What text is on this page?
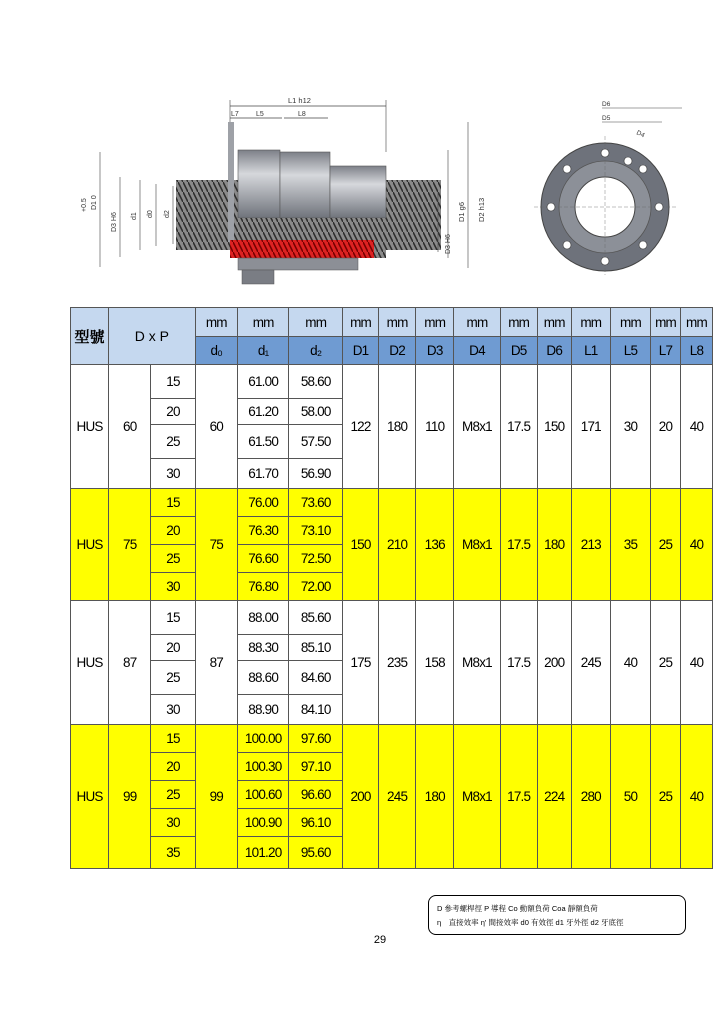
L1 h12
L7 L5	L8
+0.5 D1 0
D3 H6 d1 d0 d2	D1 g6
D3 H6
D2 h13
D6
D5
D4
型號	D x P		mm	mm	mm	mm	mm	mm	mm	mm	mm	mm	mm	mm	mm
			d₀	d₁	d₂	D1	D2	D3	D4	D5	D6	L1	L5	L7	L8
HUS	60	15	60	61.00	58.60	122	180	110	M8x1	17.5	150	171	30	20	40
		20		61.20	58.00										
		25		61.50	57.50										
		30		61.70	56.90										
HUS	75	15	75	76.00	73.60	150	210	136	M8x1	17.5	180	213	35	25	40
		20		76.30	73.10										
		25		76.60	72.50										
		30		76.80	72.00										
HUS	87	15	87	88.00	85.60	175	235	158	M8x1	17.5	200	245	40	25	40
		20		88.30	85.10										
		25		88.60	84.60										
		30		88.90	84.10										
HUS	99	15	99	100.00	97.60	200	245	180	M8x1	17.5	224	280	50	25	40
		20		100.30	97.10										
		25		100.60	96.60										
		30		100.90	96.10										
		35		101.20	95.60										
D 參考螺桿徑 P 導程 Co 動額負荷 Coa 靜額負荷
η　直接效率 η' 間接效率 d0 有效徑 d1 牙外徑 d2 牙底徑
29
